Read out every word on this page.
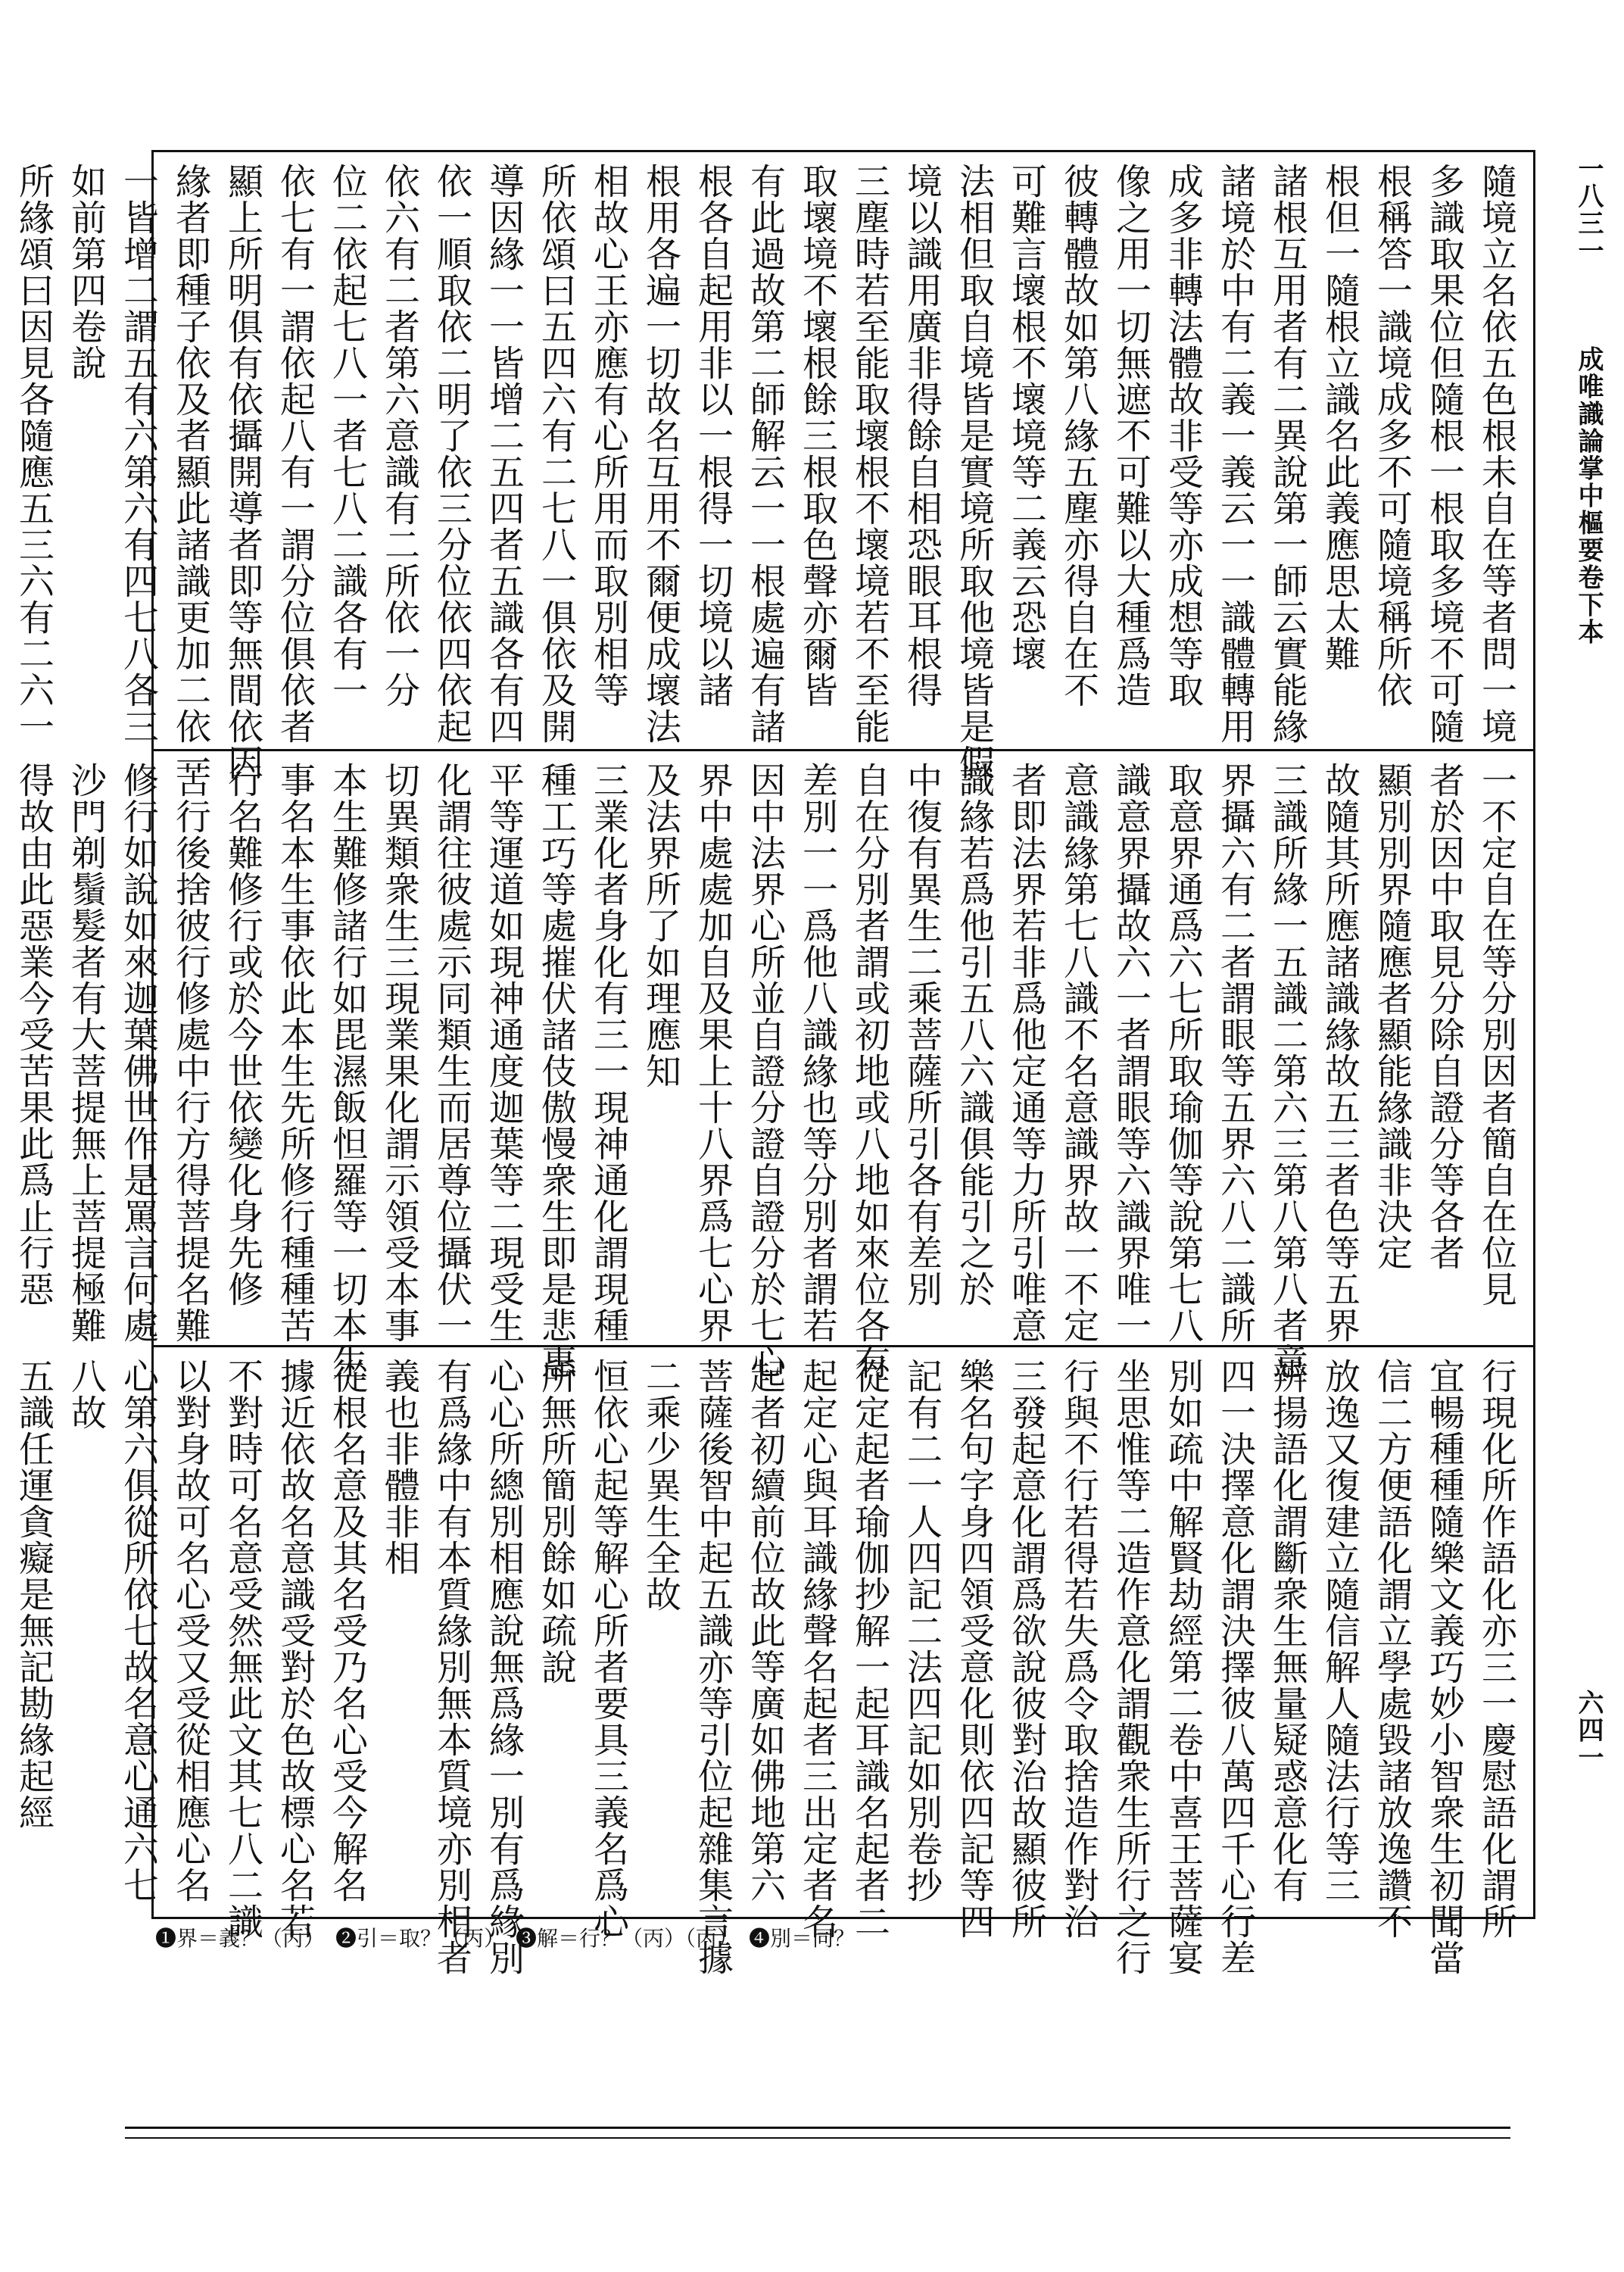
一八三一  成唯識論掌中樞要卷下本  六四一
隨境立名依五色根未自在等者問一境
多識取果位但隨根一根取多境不可隨
根稱答一識境成多不可隨境稱所依
根但一隨根立識名此義應思太難
諸根互用者有二異說第一師云實能緣
諸境於中有二義一義云一一識體轉用
成多非轉法體故非受等亦成想等取
像之用一切無遮不可難以大種爲造
彼轉體故如第八緣五塵亦得自在不
可難言壞根不壞境等二義云恐壞
法相但取自境皆是實境所取他境皆是假
境以識用廣非得餘自相恐眼耳根得
三塵時若至能取壞根不壞境若不至能
取壞境不壞根餘三根取色聲亦爾皆
有此過故第二師解云一一根處遍有諸
根各自起用非以一根得一切境以諸
根用各遍一切故名互用不爾便成壞法
相故心王亦應有心所用而取別相等
所依頌曰五四六有二七八一俱依及開
導因緣一一皆增二五四者五識各有四
依一順取依二明了依三分位依四依起
依六有二者第六意識有二所依一分
位二依起七八一者七八二識各有一
依七有一謂依起八有一謂分位俱依者
顯上所明俱有依攝開導者即等無間依因
緣者即種子依及者顯此諸識更加二依一
一皆增二謂五有六第六有四七八各三
如前第四卷說
所緣頌曰因見各隨應五三六有二六一
一不定自在等分別因者簡自在位見
者於因中取見分除自證分等各者
顯別別界隨應者顯能緣識非決定
故隨其所應諸識緣故五三者色等五界
三識所緣一五識二第六三第八第八者意
界攝六有二者謂眼等五界六八二識所
取意界通爲六七所取瑜伽等說第七八
識意界攝故六一者謂眼等六識界唯一
意識緣第七八識不名意識界故一不定
者即法界若非爲他定通等力所引唯意
識緣若爲他引五八六識俱能引之於
中復有異生二乘菩薩所引各有差別
自在分別者謂或初地或八地如來位各有
差別一一爲他八識緣也等分別者謂若
因中法界心所並自證分證自證分於七心
界中處處加自及果上十八界爲七心界
及法界所了如理應知
三業化者身化有三一現神通化謂現種
種工巧等處摧伏諸伎傲慢衆生即是悲惠
平等運道如現神通度迦葉等二現受生
化謂往彼處示同類生而居尊位攝伏一
切異類衆生三現業果化謂示領受本事
本生難修諸行如毘濕飯怛羅等一切本生
事名本生事依此本生先所修行種種苦
行名難修行或於今世依變化身先修
苦行後捨彼行修處中行方得菩提名難
修行如說如來迦葉佛世作是罵言何處
沙門剃鬚髮者有大菩提無上菩提極難
得故由此惡業今受苦果此爲止行惡
行現化所作語化亦三一慶慰語化謂所
宜暢種種隨樂文義巧妙小智衆生初聞當
信二方便語化謂立學處毀諸放逸讚不
放逸又復建立隨信解人隨法行等三
辨揚語化謂斷衆生無量疑惑意化有
四一決擇意化謂決擇彼八萬四千心行差
別如疏中解賢劫經第二卷中喜王菩薩宴
坐思惟等二造作意化謂觀衆生所行之行
行與不行若得若失爲令取捨造作對治
三發起意化謂爲欲說彼對治故顯彼所
樂名句字身四領受意化則依四記等四
記有二一人四記二法四記如別卷抄
從定起者瑜伽抄解一起耳識名起者二
起定心與耳識緣聲名起者三出定者名
起者初續前位故此等廣如佛地第六
菩薩後智中起五識亦等引位起雜集言據
二乘少異生全故
恒依心起等解心所者要具三義名爲心
所無所簡別餘如疏說
心心所總別相應說無爲緣一別有爲緣別
有爲緣中有本質緣別無本質境亦別相者
義也非體非相
從根名意及其名受乃名心受今解名
據近依故名意識受對於色故標心名若
不對時可名意受然無此文其七八二識
以對身故可名心受又受從相應心名
心第六俱從所依七故名意心通六七
八故
五識任運貪癡是無記勘緣起經
❶界＝義？（丙）　❷引＝取？（丙）　❸解＝行？（丙）（丙）　❹別＝同？
